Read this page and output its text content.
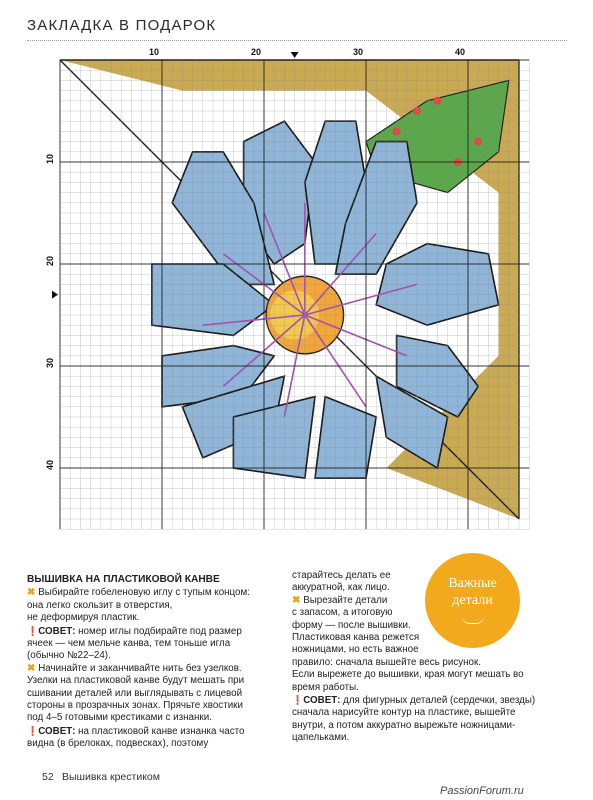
ЗАКЛАДКА В ПОДАРОК
10	20	30	40
10
20
30
40
ВЫШИВКА НА ПЛАСТИКОВОЙ КАНВЕ

✖ Выбирайте гобеленовую иглу с тупым концом:

она легко скользит в отверстия,

не деформируя пластик.

❗СОВЕТ: номер иглы подбирайте под размер

ячеек — чем мельче канва, тем тоньше игла

(обычно №22–24).

✖ Начинайте и заканчивайте нить без узелков.

Узелки на пластиковой канве будут мешать при

сшивании деталей или выглядывать с лицевой

стороны в прозрачных зонах. Прячьте хвостики

под 4–5 готовыми крестиками с изнанки.

❗СОВЕТ: на пластиковой канве изнанка часто

видна (в брелоках, подвесках), поэтому

старайтесь делать ее

аккуратной, как лицо.

✖ Вырезайте детали

с запасом, а итоговую

форму — после вышивки.

Пластиковая канва режется

ножницами, но есть важное

правило: сначала вышейте весь рисунок.

Если вырежете до вышивки, края могут мешать во

время работы.

❗СОВЕТ: для фигурных деталей (сердечки, звезды)

сначала нарисуйте контур на пластике, вышейте

внутри, а потом аккуратно вырежьте ножницами-

цапельками.

Важные
детали
52 Вышивка крестиком
PassionForum.ru
